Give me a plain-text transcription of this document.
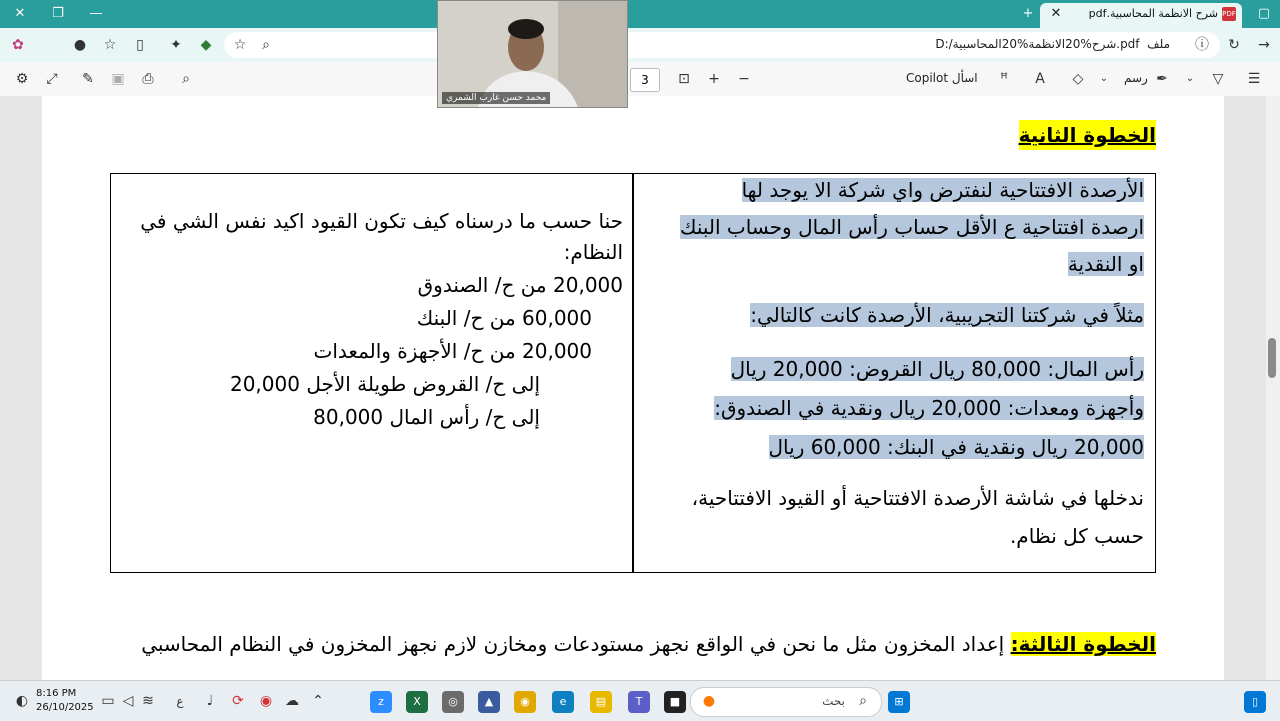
✕	❐	—	+	✕	شرح الانظمة المحاسبية.pdf PDF	▢
✿	● ☆	▯	✦	◆	☆	⌕	ملف  D:/شرح%20الانظمة%20المحاسبية.pdf	ⓘ ↻ →
⚙	⤢	✎ ▣	⎙	⌕	3	⊡ + −	اسأل Copilot	ꟸ	A	◇	⌄	رسم ✒	⌄	▽	☰
الخطوة الثانية
الأرصدة الافتتاحية لنفترض واي شركة الا يوجد لها
ارصدة افتتاحية ع الأقل حساب رأس المال وحساب البنك
او النقدية
مثلاً في شركتنا التجريبية، الأرصدة كانت كالتالي:
رأس المال: 80,000 ريال القروض: 20,000 ريال
وأجهزة ومعدات: 20,000 ريال ونقدية في الصندوق:
20,000 ريال ونقدية في البنك: 60,000 ريال
ندخلها في شاشة الأرصدة الافتتاحية أو القيود الافتتاحية،
حسب كل نظام.
حنا حسب ما درسناه كيف تكون القيود اكيد نفس الشي في
النظام:
20,000 من ح/ الصندوق
60,000 من ح/ البنك
20,000 من ح/ الأجهزة والمعدات
إلى ح/ القروض طويلة الأجل 20,000
إلى ح/ رأس المال 80,000
الخطوة الثالثة: إعداد المخزون مثل ما نحن في الواقع نجهز مستودعات ومخازن لازم نجهز المخزون في النظام المحاسبي
محمد حسن غارب الشمري
◐ 8:16 PM
26/10/2025 ▭ ◁ ≋	ع	♩	⟳ ◉ ☁ ⌃	z	X	◎	▲	◉	e	▤	T	■	●	بحث	⌕	⊞	▯
